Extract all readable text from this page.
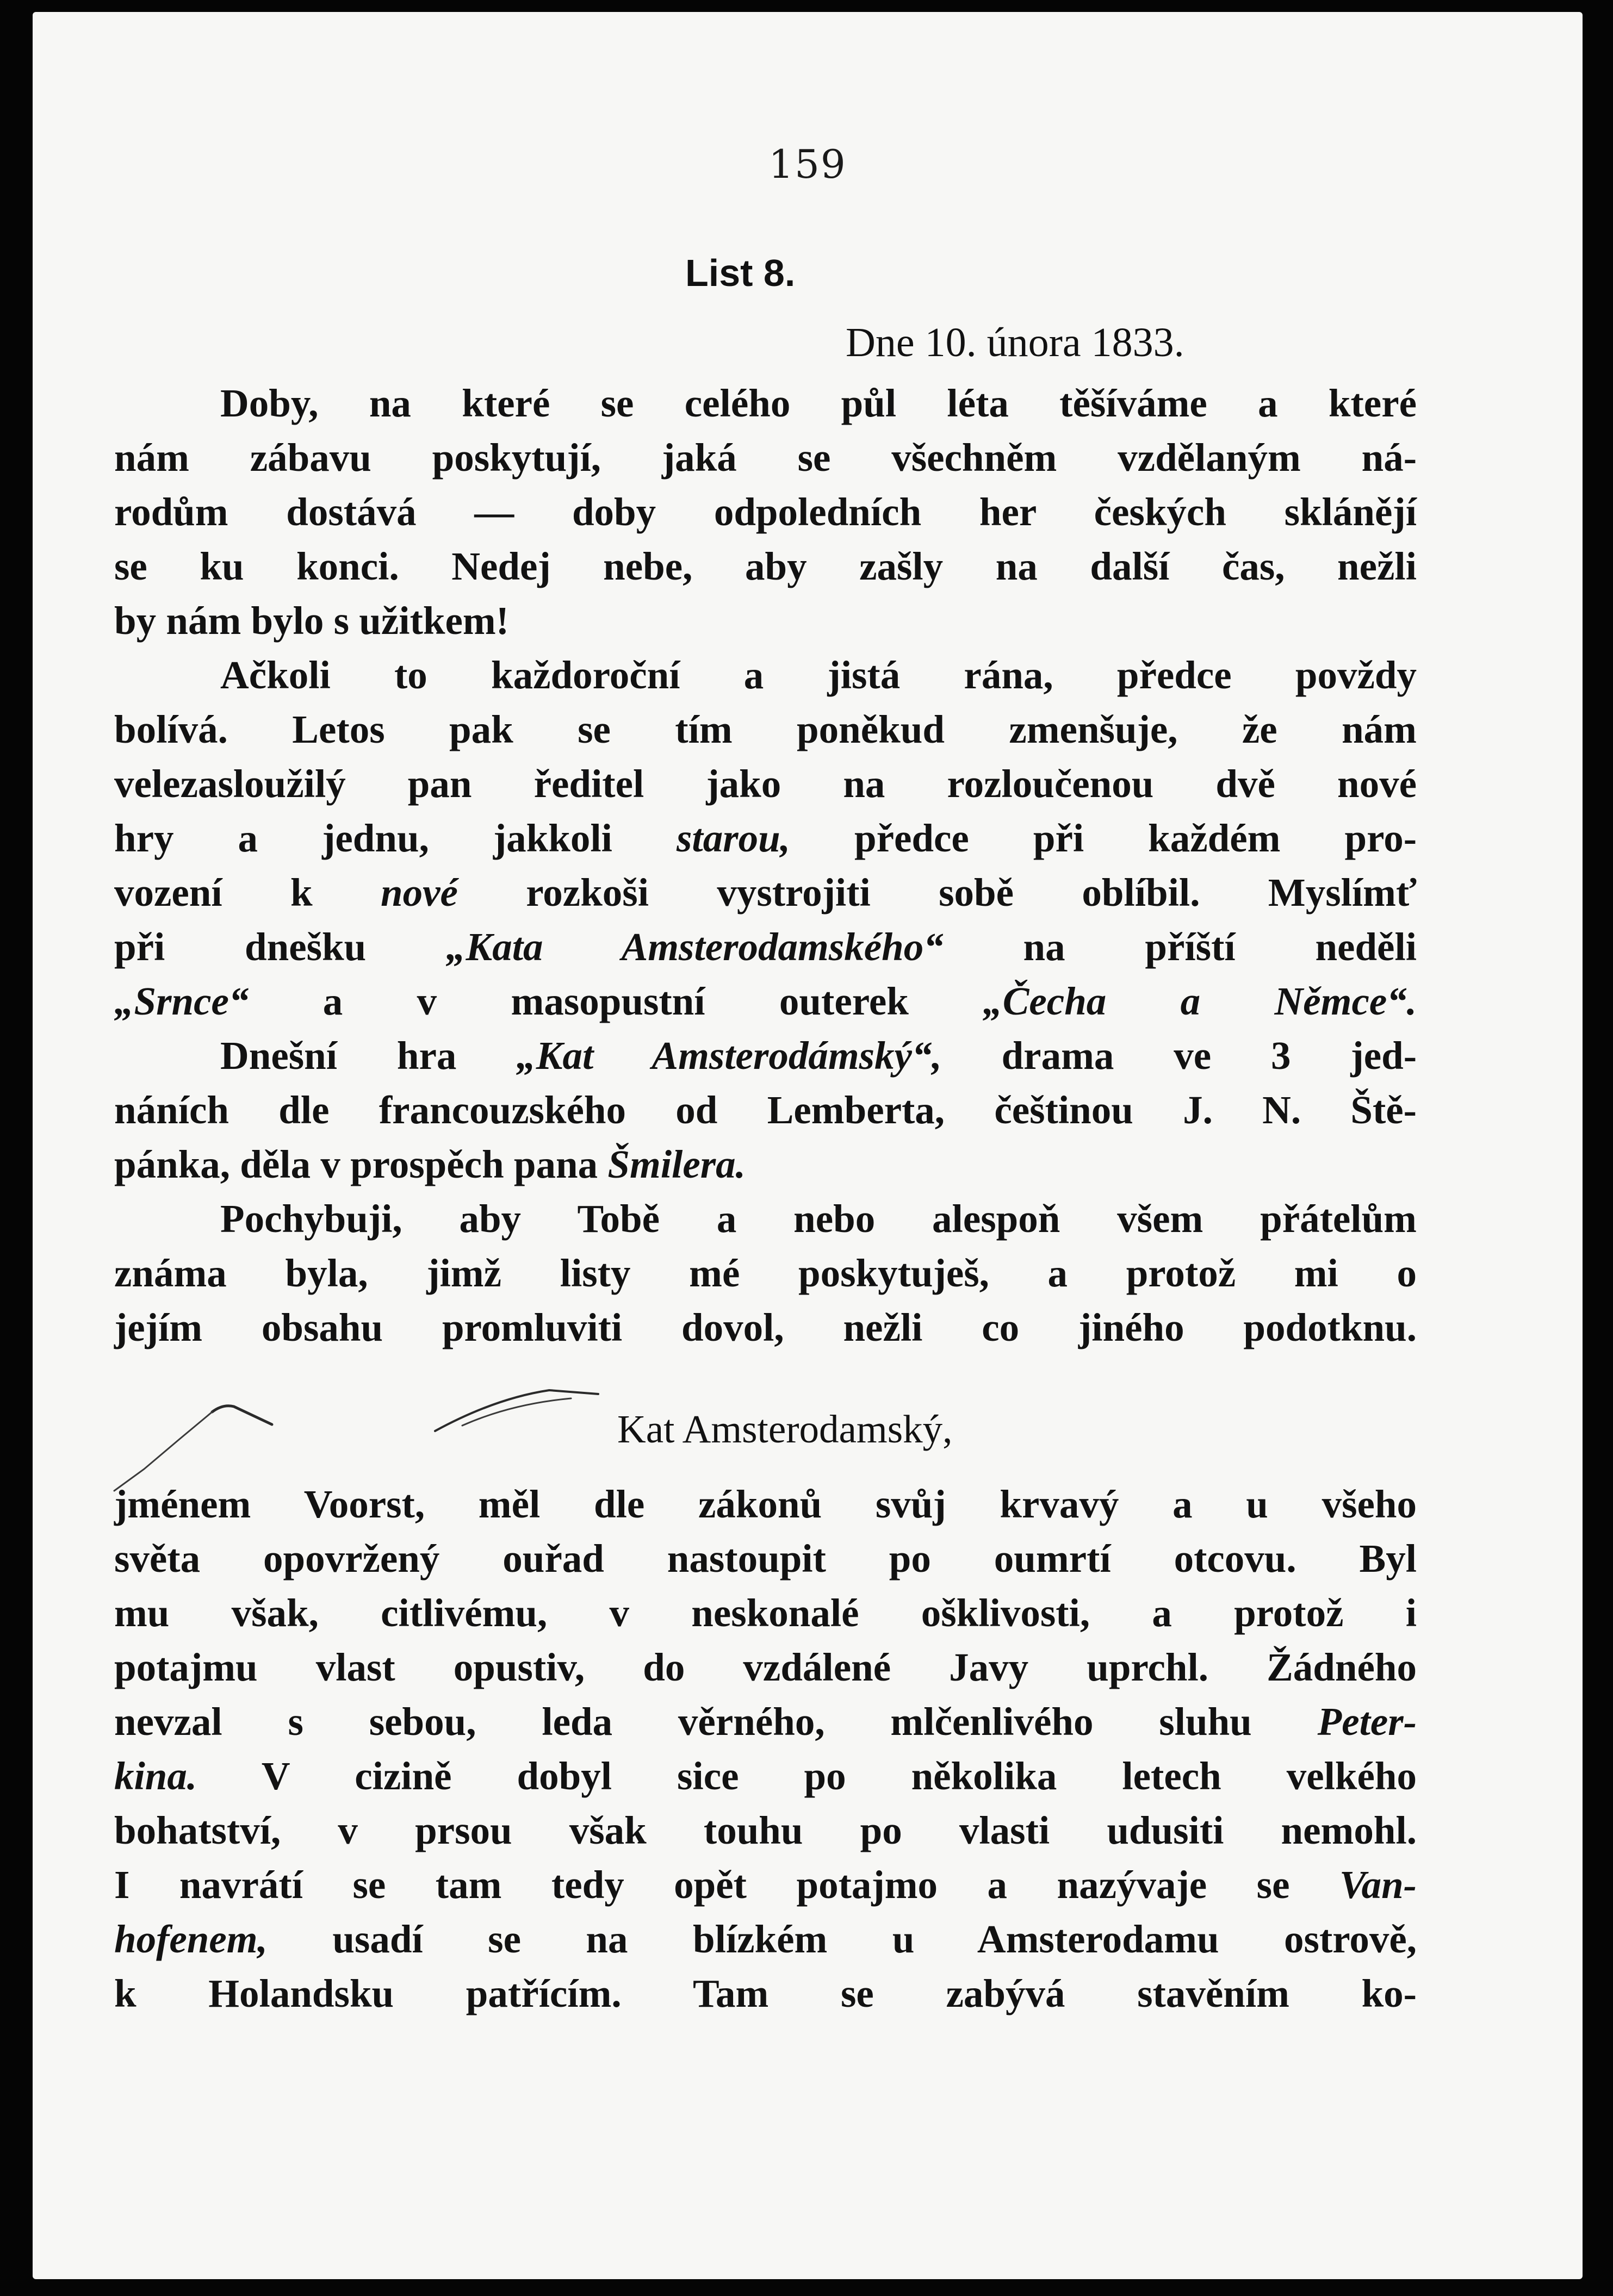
159
List 8.
Dne 10. února 1833.
Doby, na které se celého půl léta těšíváme a které
nám zábavu poskytují, jaká se všechněm vzdělaným ná-
rodům dostává — doby odpoledních her českých sklánějí
se ku konci. Nedej nebe, aby zašly na další čas, nežli
by nám bylo s užitkem!
Ačkoli to každoroční a jistá rána, předce povždy
bolívá. Letos pak se tím poněkud zmenšuje, že nám
velezasloužilý pan ředitel jako na rozloučenou dvě nové
hry a jednu, jakkoli starou, předce při každém pro-
vození k nové rozkoši vystrojiti sobě oblíbil. Myslímť
při dnešku „Kata Amsterodamského“ na příští neděli
„Srnce“ a v masopustní outerek „Čecha a Němce“.
Dnešní hra „Kat Amsterodámský“, drama ve 3 jed-
náních dle francouzského od Lemberta, češtinou J. N. Ště-
pánka, děla v prospěch pana Šmilera.
Pochybuji, aby Tobě a nebo alespoň všem přátelům
známa byla, jimž listy mé poskytuješ, a protož mi o
jejím obsahu promluviti dovol, nežli co jiného podotknu.
Kat Amsterodamský,
jménem Voorst, měl dle zákonů svůj krvavý a u všeho
světa opovržený ouřad nastoupit po oumrtí otcovu. Byl
mu však, citlivému, v neskonalé ošklivosti, a protož i
potajmu vlast opustiv, do vzdálené Javy uprchl. Žádného
nevzal s sebou, leda věrného, mlčenlivého sluhu Peter-
kina. V cizině dobyl sice po několika letech velkého
bohatství, v prsou však touhu po vlasti udusiti nemohl.
I navrátí se tam tedy opět potajmo a nazývaje se Van-
hofenem, usadí se na blízkém u Amsterodamu ostrově,
k Holandsku patřícím. Tam se zabývá stavěním ko-
